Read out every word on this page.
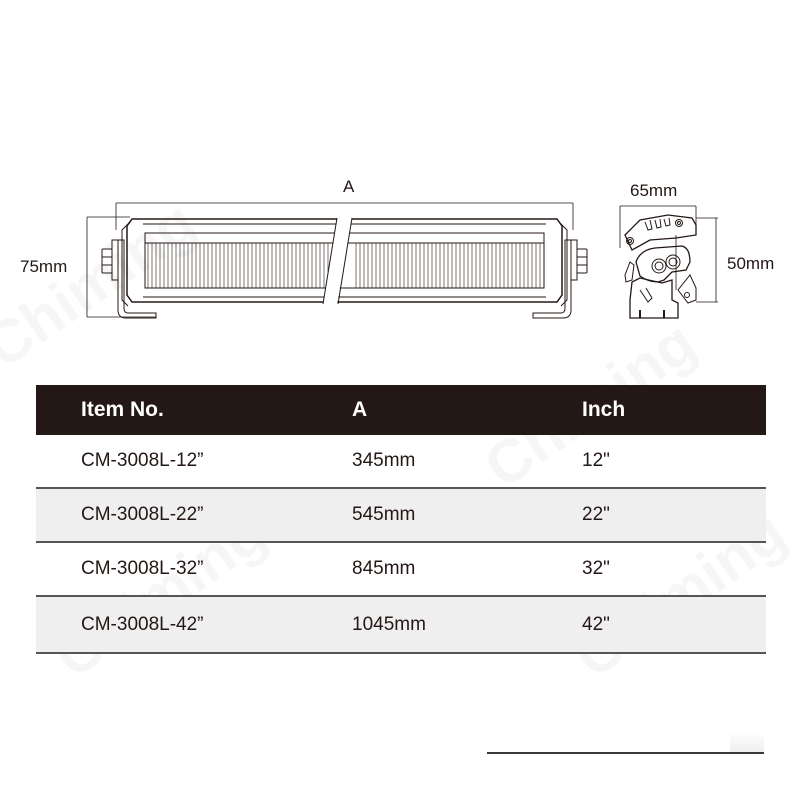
A
75mm
65mm
50mm
Item No.	A	Inch
CM-3008L-12”	345mm	12"
CM-3008L-22”	545mm	22"
CM-3008L-32”	845mm	32"
CM-3008L-42”	1045mm	42"
